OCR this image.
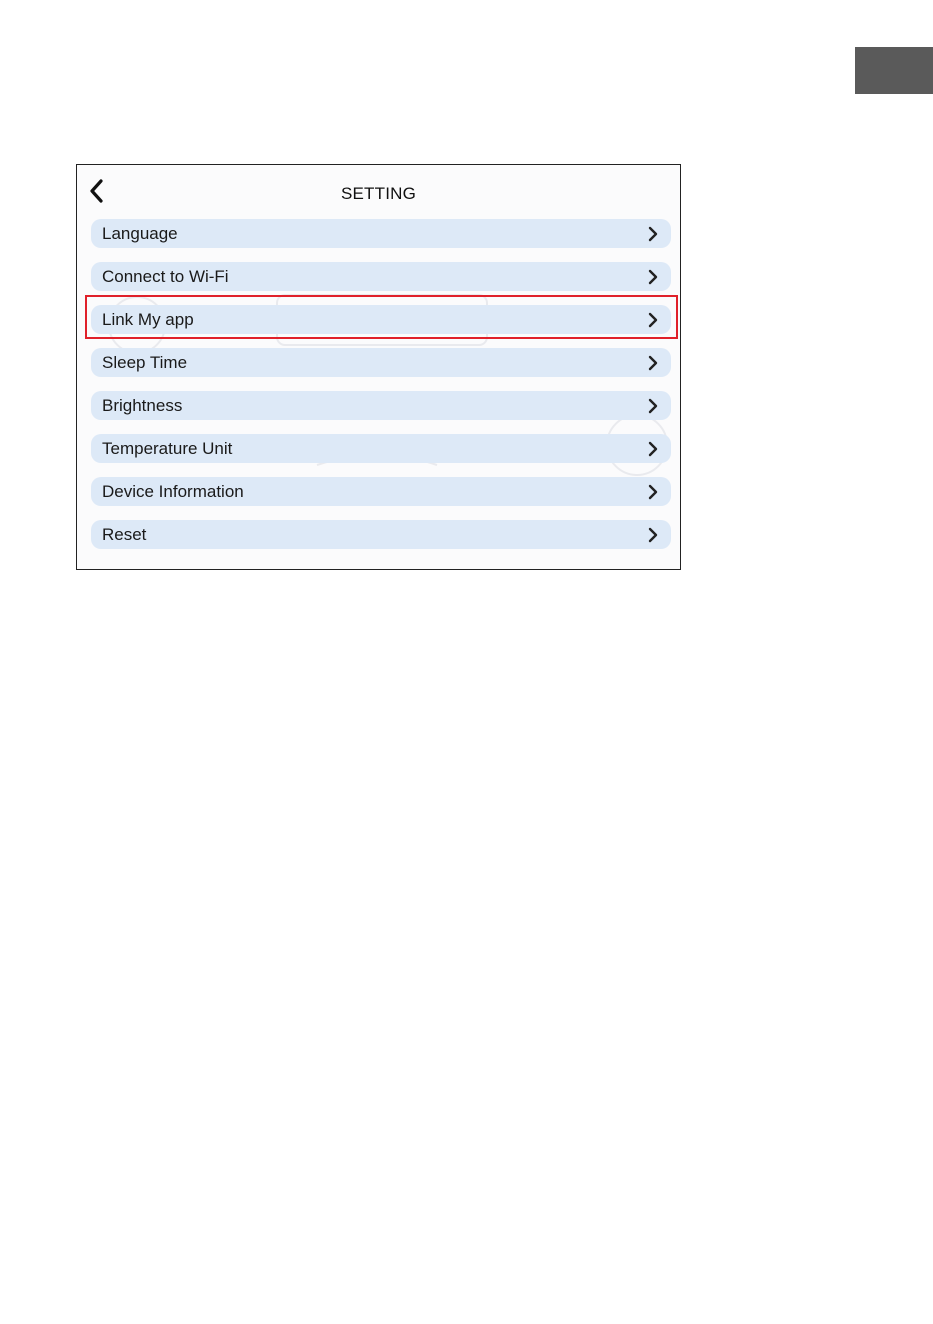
SETTING
Language
Connect to Wi-Fi
Link My app
Sleep Time
Brightness
Temperature Unit
Device Information
Reset
